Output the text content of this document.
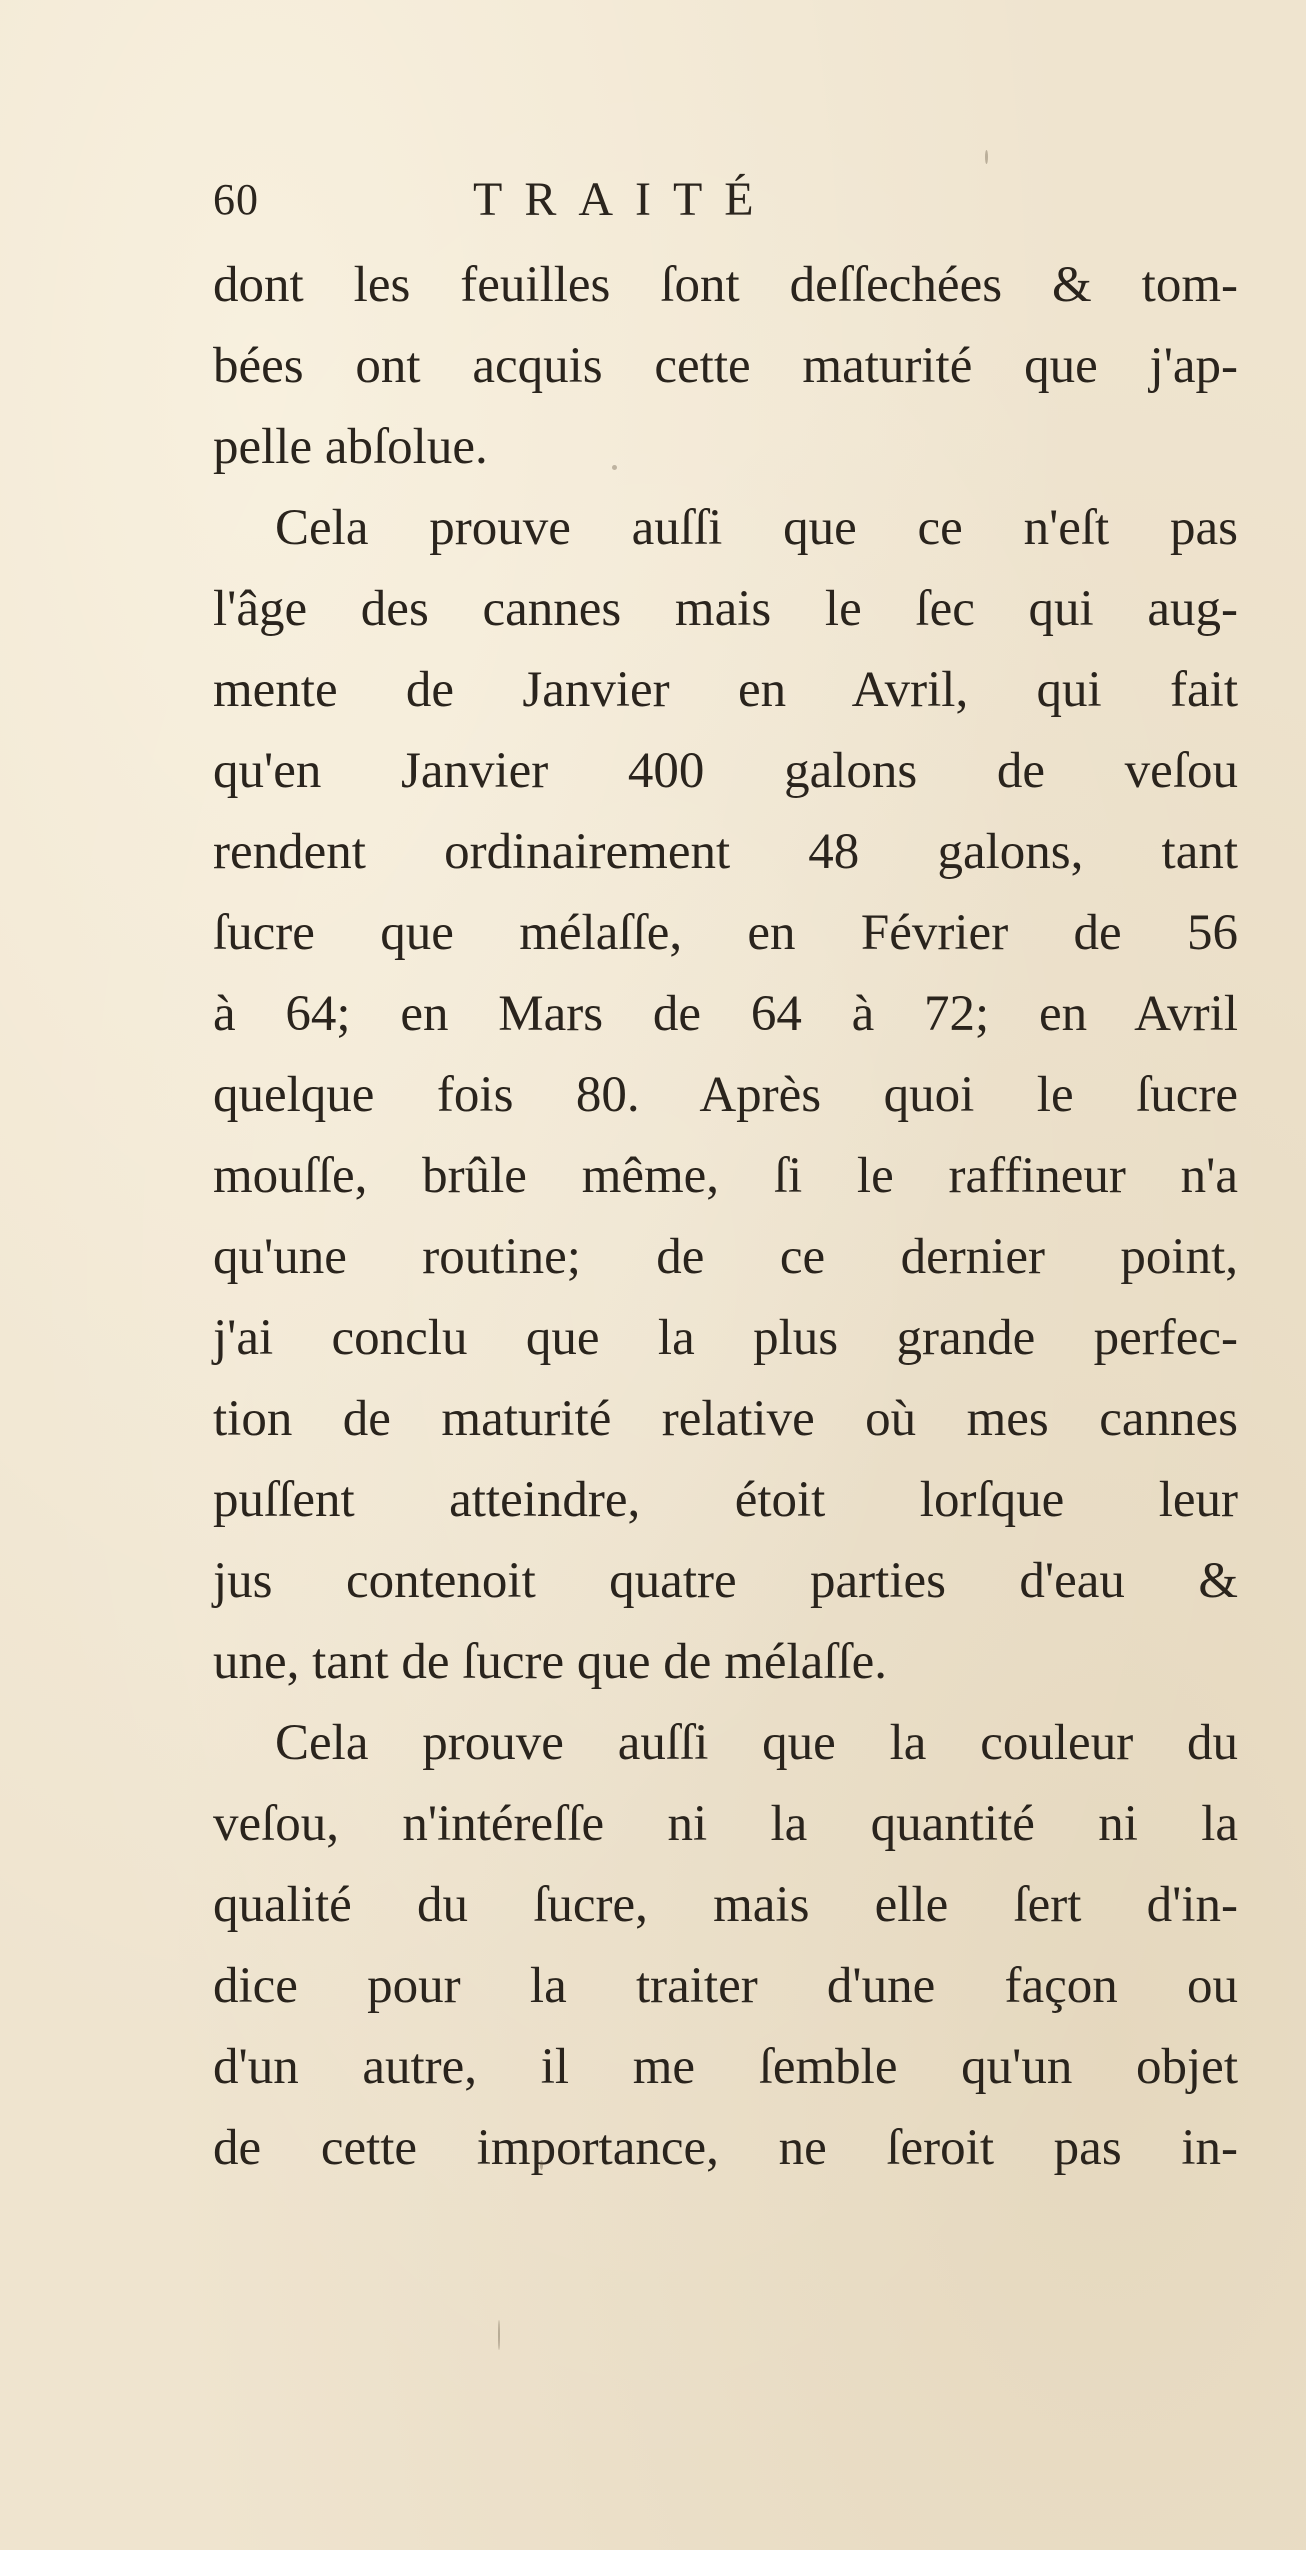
60	TRAITÉ
dont les feuilles ſont deſſechées & tom-
bées ont acquis cette maturité que j'ap-
pelle abſolue.
Cela prouve auſſi que ce n'eſt pas
l'âge des cannes mais le ſec qui aug-
mente de Janvier en Avril, qui fait
qu'en Janvier 400 galons de veſou
rendent ordinairement 48 galons, tant
ſucre que mélaſſe, en Février de 56
à 64; en Mars de 64 à 72; en Avril
quelque fois 80. Après quoi le ſucre
mouſſe, brûle même, ſi le raffineur n'a
qu'une routine; de ce dernier point,
j'ai conclu que la plus grande perfec-
tion de maturité relative où mes cannes
puſſent atteindre, étoit lorſque leur
jus contenoit quatre parties d'eau &
une, tant de ſucre que de mélaſſe.
Cela prouve auſſi que la couleur du
veſou, n'intéreſſe ni la quantité ni la
qualité du ſucre, mais elle ſert d'in-
dice pour la traiter d'une façon ou
d'un autre, il me ſemble qu'un objet
de cette importance, ne ſeroit pas in-
